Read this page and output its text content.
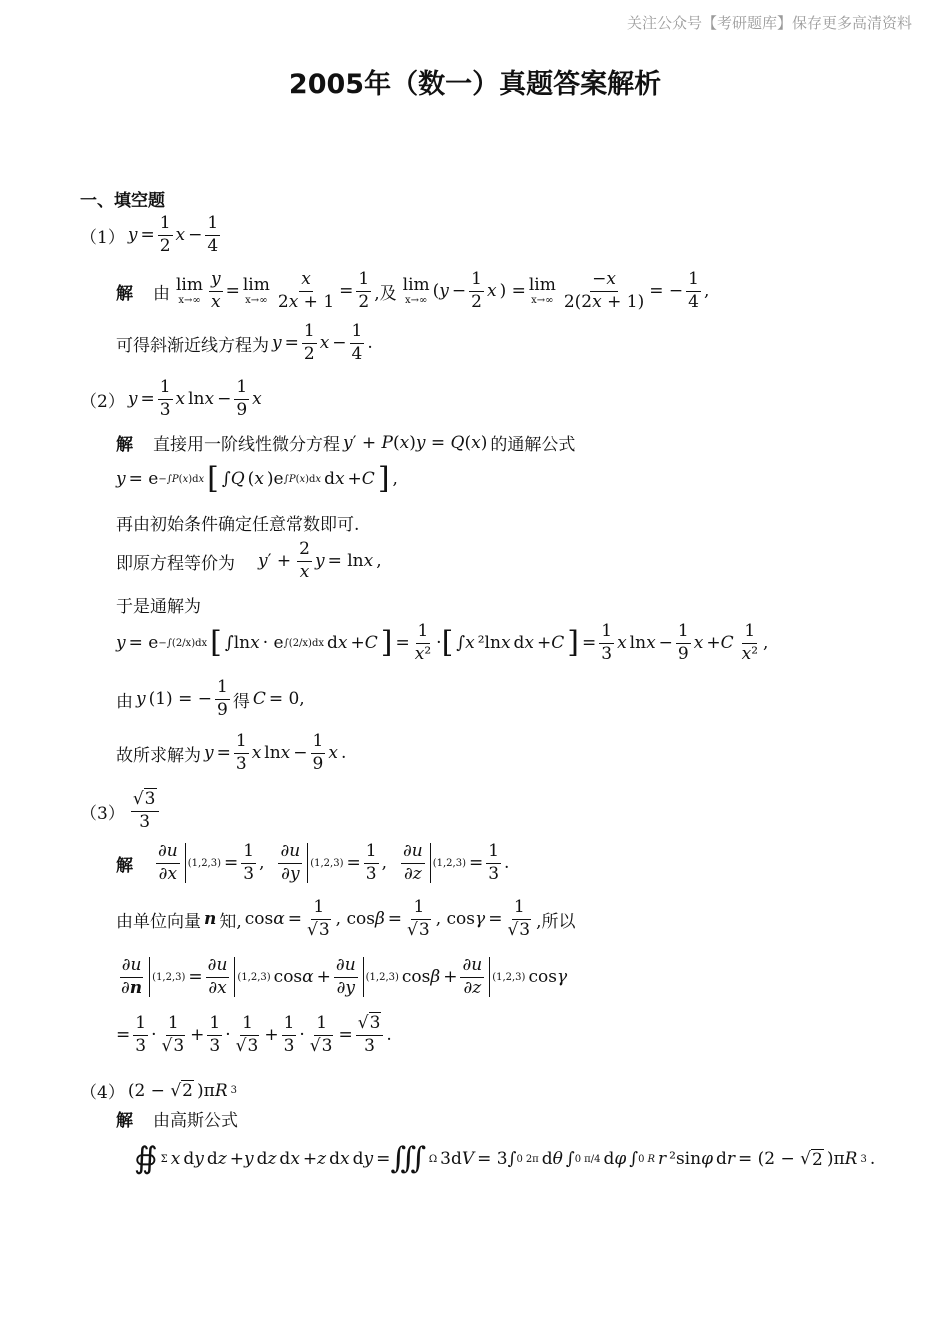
关注公众号【考研题库】保存更多高清资料
2005年（数一）真题答案解析
一、填空题
（1） $y = \frac{1}{2}$ $x - \frac{1}{4}$
解 由 lim
$x\to\infty \frac{y}{x} = \lim$
$x\to\infty \frac{x}{2x + 1} = \frac{1}{2}$ ,及 lim
x→∞ ( $y - \frac{1}{2}$ x ) = lim
$x\to\infty \frac{-x}{2(2x + 1)}$ = − $\frac{1}{4}$ ,
可得斜渐近线方程为 $y = \frac{1}{2}$ $x - \frac{1}{4}$ .
（2） $y = \frac{1}{3}$ x $\ln x - \frac{1}{9}$ x
解 直接用一阶线性微分方程 y′ + P(x)y = Q(x) 的通解公式
y = e −∫P(x)dx [ ∫ Q ( x )e ∫P(x)dx d x + C ] ,
再由初始条件确定任意常数即可.
即原方程等价为 $y' + \frac{2}{x}$ y = ln x ,
于是通解为
y = e −∫(2/x)dx [ ∫ln x · e ∫(2/x)dx d x + C ] = $\frac{1}{\text{x²}}$ · [ ∫ x ²ln x d x + C ] = $\frac{1}{3}$ x $\ln x - \frac{1}{9}$ x + C $\frac{1}{\text{x²}}$ ,
由 y (1) = − $\frac{1}{9}$ 得 C = 0,
故所求解为 $y = \frac{1}{3}$ x $\ln x - \frac{1}{9}$ x .
$(3) \frac{√3}{3}$
解 $\frac{\partial u}{\partial x} (1,2,3) = \frac{1}{3}$ , $\frac{\partial u}{\partial y} (1,2,3) = \frac{1}{3}$ , $\frac{\partial u}{\partial z} (1,2,3) = \frac{1}{3}$ .
由单位向量 n 知, $\cos \alpha = \frac{1}{√3}$ , $\cos \beta = \frac{1}{√3}$ , $\cos \gamma = \frac{1}{√3}$ ,所以
$\frac{\partial u}{\partial n} (1,2,3) = \frac{\partial u}{\partial x} (1,2,3)$ $\cos \alpha + \frac{\partial u}{\partial y} (1,2,3)$ $\cos \beta + \frac{\partial u}{\partial z} (1,2,3)$ cos γ
= $\frac{1}{3} \cdot \frac{1}{√3} + \frac{1}{3} \cdot \frac{1}{√3} + \frac{1}{3} \cdot \frac{1}{√3} = \frac{√3}{3}$ .
（4） (2 − √ 2 )π R 3
解 由高斯公式
∯ Σ x d y d z + y d z d x + z d x d y = ∭ Ω 3d V = 3∫ 0 2π d θ ∫ 0 π/4 d φ ∫ 0 R r ²sin φ d r = (2 − √ 2 )π R 3 .
